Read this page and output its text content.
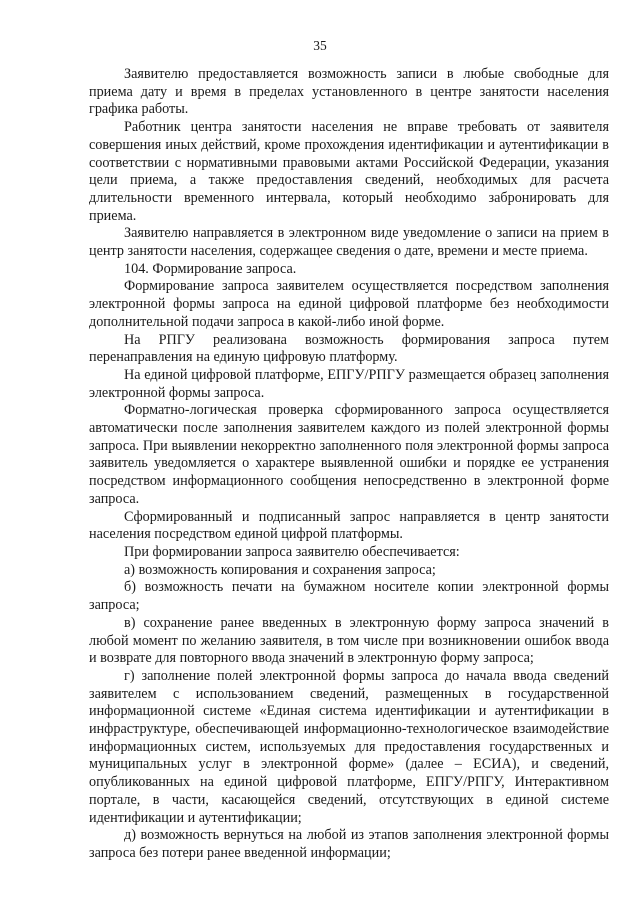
35

Заявителю предоставляется возможность записи в любые свободные для приема дату и время в пределах установленного в центре занятости населения графика работы.

Работник центра занятости населения не вправе требовать от заявителя совершения иных действий, кроме прохождения идентификации и аутентификации в соответствии с нормативными правовыми актами Российской Федерации, указания цели приема, а также предоставления сведений, необходимых для расчета длительности временного интервала, который необходимо забронировать для приема.

Заявителю направляется в электронном виде уведомление о записи на прием в центр занятости населения, содержащее сведения о дате, времени и месте приема.

104. Формирование запроса.

Формирование запроса заявителем осуществляется посредством заполнения электронной формы запроса на единой цифровой платформе без необходимости дополнительной подачи запроса в какой-либо иной форме.

На РПГУ реализована возможность формирования запроса путем перенаправления на единую цифровую платформу.

На единой цифровой платформе, ЕПГУ/РПГУ размещается образец заполнения электронной формы запроса.

Форматно-логическая проверка сформированного запроса осуществляется автоматически после заполнения заявителем каждого из полей электронной формы запроса. При выявлении некорректно заполненного поля электронной формы запроса заявитель уведомляется о характере выявленной ошибки и порядке ее устранения посредством информационного сообщения непосредственно в электронной форме запроса.

Сформированный и подписанный запрос направляется в центр занятости населения посредством единой цифрой платформы.

При формировании запроса заявителю обеспечивается:

а) возможность копирования и сохранения запроса;

б) возможность печати на бумажном носителе копии электронной формы запроса;

в) сохранение ранее введенных в электронную форму запроса значений в любой момент по желанию заявителя, в том числе при возникновении ошибок ввода и возврате для повторного ввода значений в электронную форму запроса;

г) заполнение полей электронной формы запроса до начала ввода сведений заявителем с использованием сведений, размещенных в государственной информационной системе «Единая система идентификации и аутентификации в инфраструктуре, обеспечивающей информационно-технологическое взаимодействие информационных систем, используемых для предоставления государственных и муниципальных услуг в электронной форме» (далее – ЕСИА), и сведений, опубликованных на единой цифровой платформе, ЕПГУ/РПГУ, Интерактивном портале, в части, касающейся сведений, отсутствующих в единой системе идентификации и аутентификации;

д) возможность вернуться на любой из этапов заполнения электронной формы запроса без потери ранее введенной информации;
